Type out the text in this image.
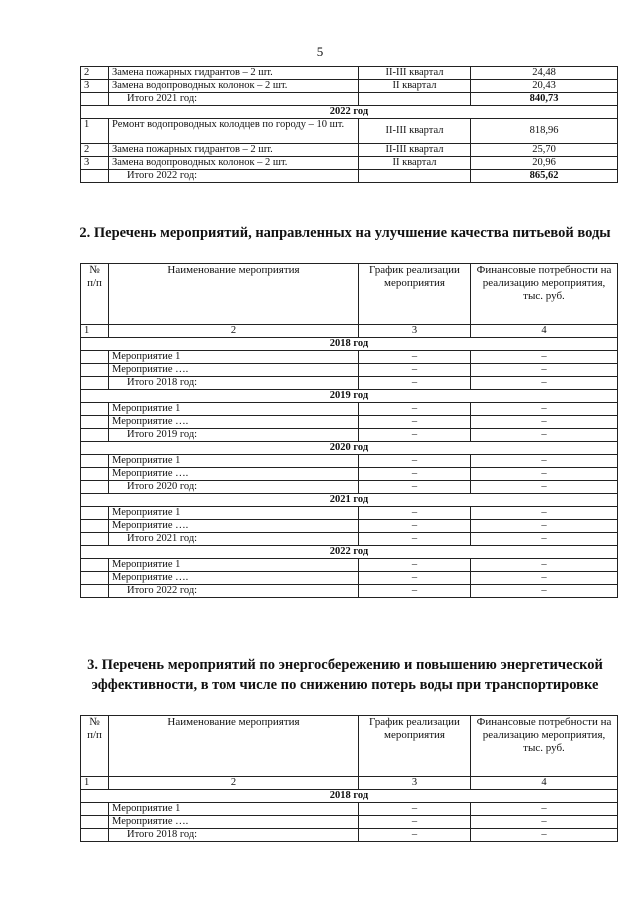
5
2	Замена пожарных гидрантов – 2 шт.	II-III квартал	24,48
3	Замена водопроводных колонок – 2 шт.	II квартал	20,43
	Итого 2021 год:		840,73
2022 год			
1	Ремонт водопроводных колодцев по городу – 10 шт.	II-III квартал	818,96
2	Замена пожарных гидрантов – 2 шт.	II-III квартал	25,70
3	Замена водопроводных колонок – 2 шт.	II квартал	20,96
	Итого 2022 год:		865,62
2. Перечень мероприятий, направленных на улучшение качества питьевой воды
№ п/п	Наименование мероприятия	График реализации мероприятия	Финансовые потребности на реализацию мероприятия, тыс. руб.
1	2	3	4
2018 год			
	Мероприятие 1	–	–
	Мероприятие ….	–	–
	Итого 2018 год:	–	–
2019 год			
	Мероприятие 1	–	–
	Мероприятие ….	–	–
	Итого 2019 год:	–	–
2020 год			
	Мероприятие 1	–	–
	Мероприятие ….	–	–
	Итого 2020 год:	–	–
2021 год			
	Мероприятие 1	–	–
	Мероприятие ….	–	–
	Итого 2021 год:	–	–
2022 год			
	Мероприятие 1	–	–
	Мероприятие ….	–	–
	Итого 2022 год:	–	–
3. Перечень мероприятий по энергосбережению и повышению энергетической эффективности, в том числе по снижению потерь воды при транспортировке
№ п/п	Наименование мероприятия	График реализации мероприятия	Финансовые потребности на реализацию мероприятия, тыс. руб.
1	2	3	4
2018 год			
	Мероприятие 1	–	–
	Мероприятие ….	–	–
	Итого 2018 год:	–	–
